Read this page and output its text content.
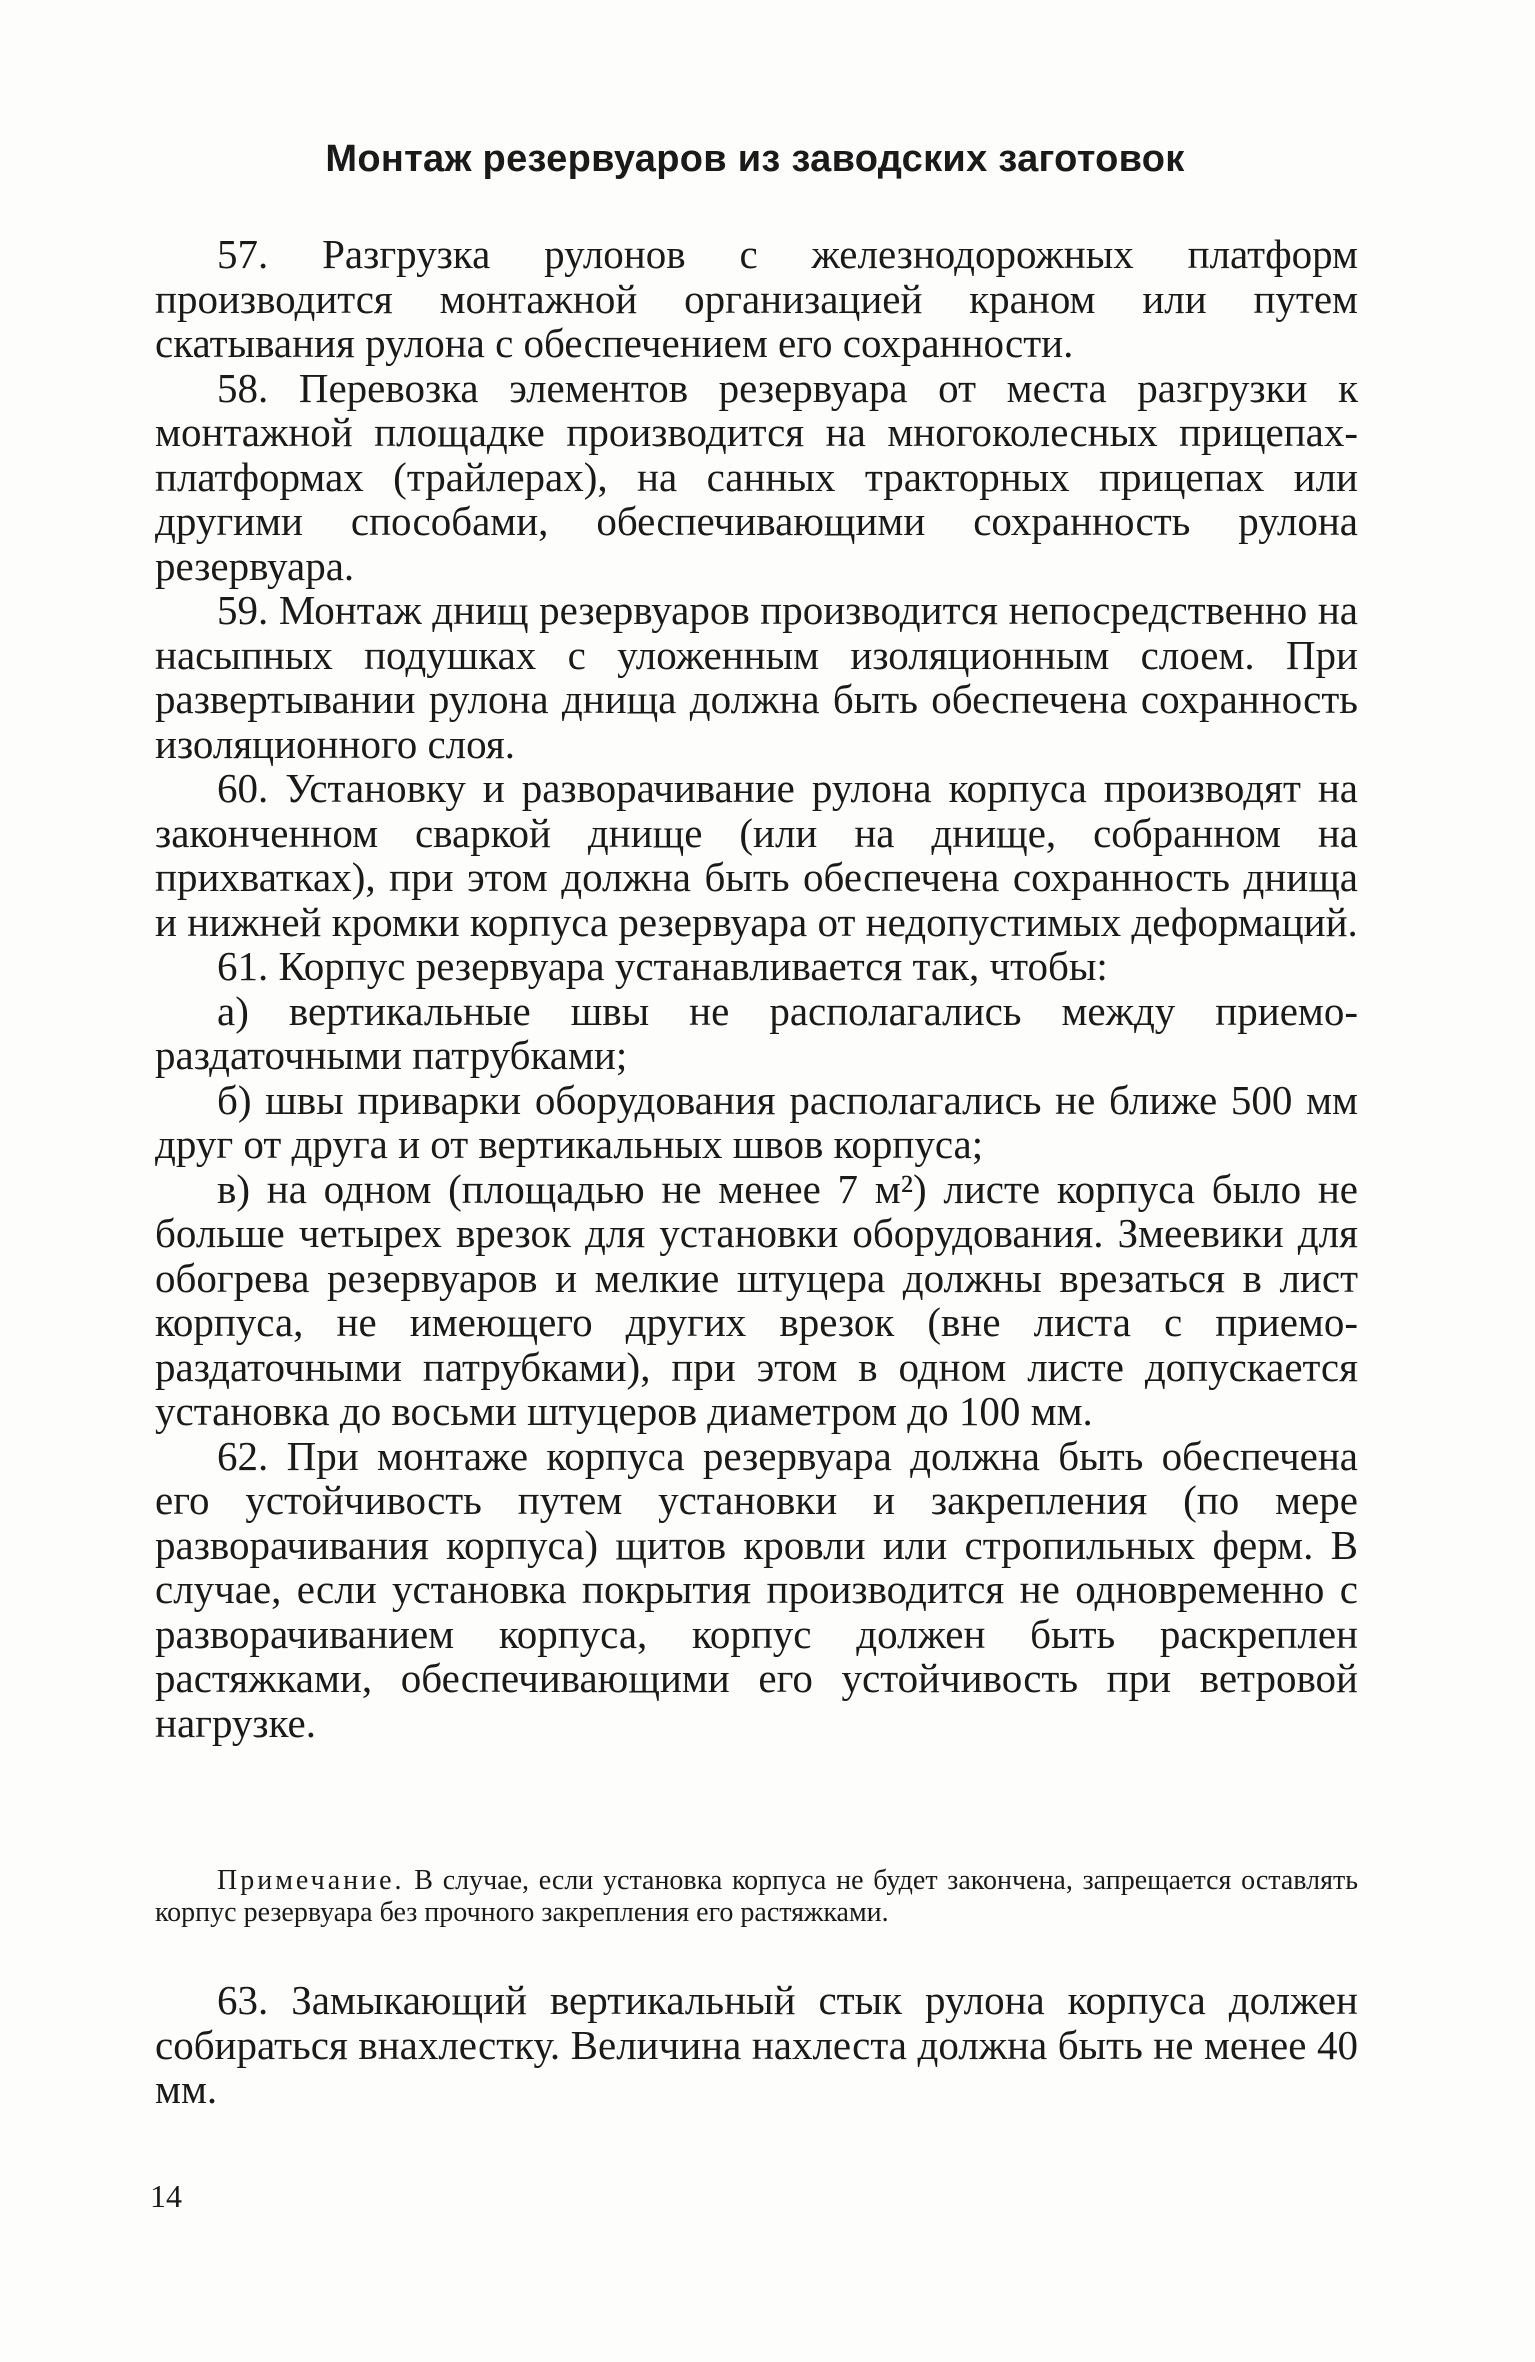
Монтаж резервуаров из заводских заготовок

57. Разгрузка рулонов с железнодорожных платформ производится монтажной организацией краном или путем скатывания рулона с обеспечением его сохранности.

58. Перевозка элементов резервуара от места разгрузки к монтажной площадке производится на многоколесных прицепах-платформах (трайлерах), на санных тракторных прицепах или другими способами, обеспечивающими сохранность рулона резервуара.

59. Монтаж днищ резервуаров производится непосредственно на насыпных подушках с уложенным изоляционным слоем. При развертывании рулона днища должна быть обеспечена сохранность изоляционного слоя.

60. Установку и разворачивание рулона корпуса производят на законченном сваркой днище (или на днище, собранном на прихватках), при этом должна быть обеспечена сохранность днища и нижней кромки корпуса резервуара от недопустимых деформаций.

61. Корпус резервуара устанавливается так, чтобы:

а) вертикальные швы не располагались между приемо-раздаточными патрубками;

б) швы приварки оборудования располагались не ближе 500 мм друг от друга и от вертикальных швов корпуса;

в) на одном (площадью не менее 7 м²) листе корпуса было не больше четырех врезок для установки оборудования. Змеевики для обогрева резервуаров и мелкие штуцера должны врезаться в лист корпуса, не имеющего других врезок (вне листа с приемо-раздаточными патрубками), при этом в одном листе допускается установка до восьми штуцеров диаметром до 100 мм.

62. При монтаже корпуса резервуара должна быть обеспечена его устойчивость путем установки и закрепления (по мере разворачивания корпуса) щитов кровли или стропильных ферм. В случае, если установка покрытия производится не одновременно с разворачиванием корпуса, корпус должен быть раскреплен растяжками, обеспечивающими его устойчивость при ветровой нагрузке.

Примечание. В случае, если установка корпуса не будет закончена, запрещается оставлять корпус резервуара без прочного закрепления его растяжками.

63. Замыкающий вертикальный стык рулона корпуса должен собираться внахлестку. Величина нахлеста должна быть не менее 40 мм.

14
